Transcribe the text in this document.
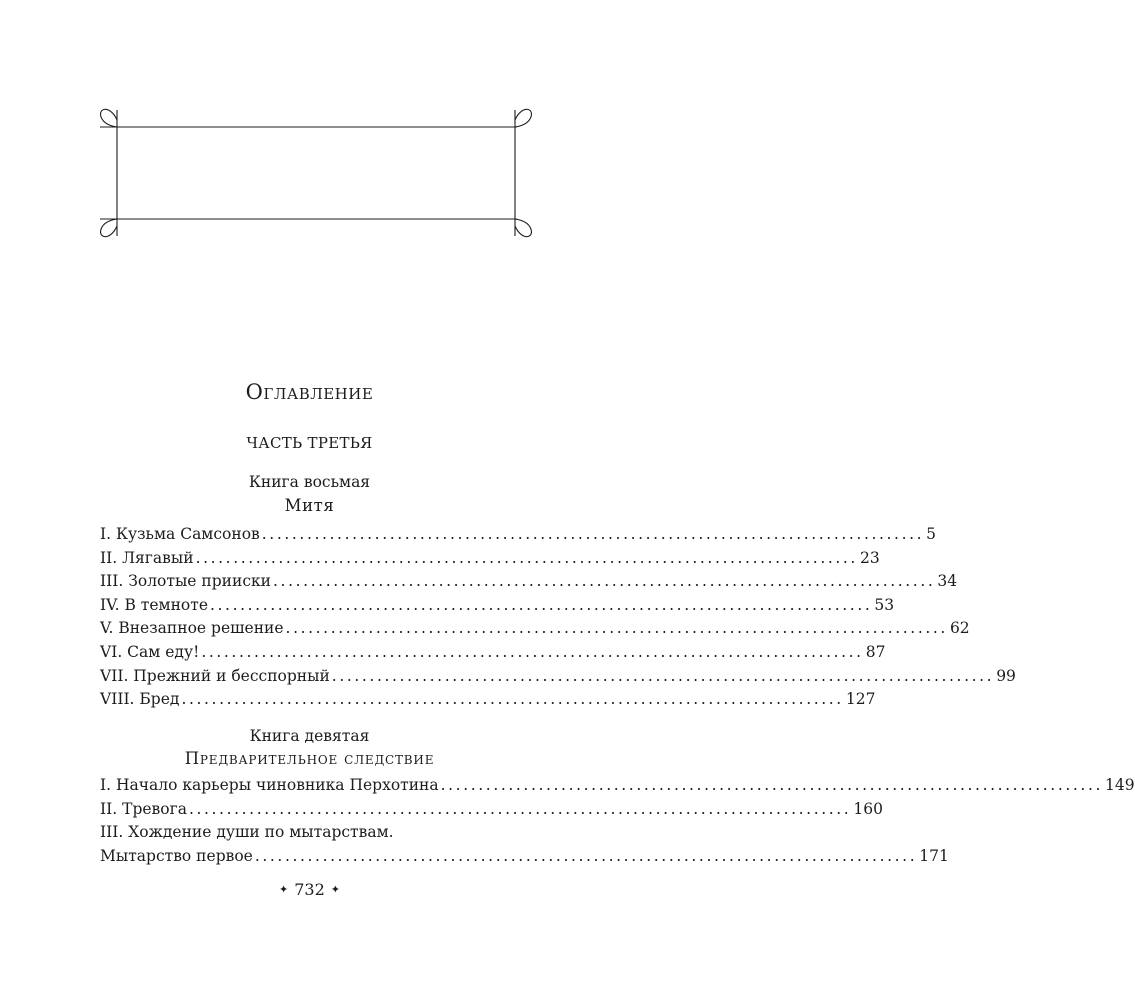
Оглавление
ЧАСТЬ ТРЕТЬЯ
Книга восьмая
Митя
I. Кузьма Самсонов ........................................................................................ 5
II. Лягавый ........................................................................................ 23
III. Золотые прииски ........................................................................................ 34
IV. В темноте ........................................................................................ 53
V. Внезапное решение ........................................................................................ 62
VI. Сам еду! ........................................................................................ 87
VII. Прежний и бесспорный ........................................................................................ 99
VIII. Бред ........................................................................................ 127
Книга девятая
Предварительное следствие
I. Начало карьеры чиновника Перхотина ........................................................................................ 149
II. Тревога ........................................................................................ 160
III. Хождение души по мытарствам.
Мытарство первое ........................................................................................ 171
✦ 732 ✦
